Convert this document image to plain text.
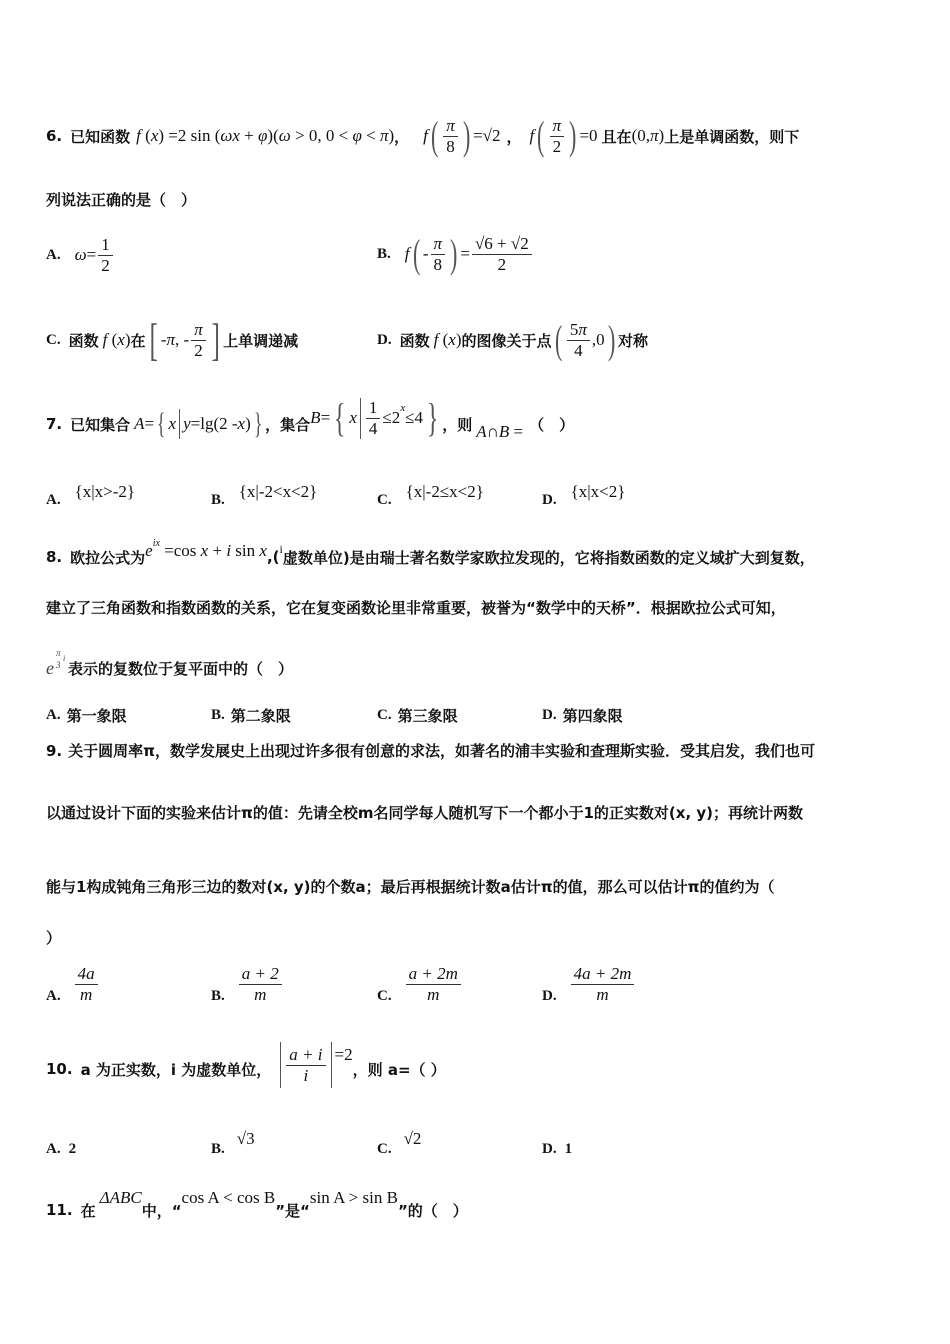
6. 已知函数 f (x) =2 sin (ωx + φ)(ω > 0, 0 < φ < π) ， f ( $\frac{\pi}{8}$ ) =√2 ， f ( $\frac{\pi}{2}$ ) =0 且在 (0,π) 上是单调函数，则下
列说法正确的是（　）
A. $\omega = \frac{1}{2}$	B. f ( - $\frac{\pi}{8}$ ) = $\frac{√6 + √2}{2}$
C. 函数 f (x) 在 [ - π , - $\frac{\pi}{2}$ ] 上单调递减	D. 函数 f (x) 的图像关于点 ( $\frac{5\pi}{4} ,0$ ) 对称
7. 已知集合 A = { x y =lg(2 - x ) } ，集合 B = { x $\frac{1}{4} \le 2$ x ≤4 } ，则 A∩B = （　）
A. {x|x>-2}	B. {x|-2<x<2}	C. {x|-2≤x<2}	D. {x|x<2}
8. 欧拉公式为 $e^{ix} =\cos$ x + i sin x ,( i 虚数单位)是由瑞士著名数学家欧拉发现的，它将指数函数的定义域扩大到复数，
建立了三角函数和指数函数的关系，它在复变函数论里非常重要，被誉为“数学中的天桥”．根据欧拉公式可知，
e
π
3
i
表示的复数位于复平面中的（　）
A. 第一象限	B. 第二象限	C. 第三象限	D. 第四象限
9. 关于圆周率π，数学发展史上出现过许多很有创意的求法，如著名的浦丰实验和查理斯实验．受其启发，我们也可
以通过设计下面的实验来估计π的值：先请全校m名同学每人随机写下一个都小于1的正实数对(x, y)；再统计两数
能与1构成钝角三角形三边的数对(x, y)的个数a；最后再根据统计数a估计π的值，那么可以估计π的值约为（
）
A. $\frac{4a}{m}$	B. $\frac{a + 2}{m}$	C. $\frac{a + 2m}{m}$	D. $\frac{4a + 2m}{m}$
10. a 为正实数，i 为虚数单位， $\frac{a + i}{i} =2$
，则 a=（ ）
A. 2	B.
√3
C.
√2
D. 1
11. 在
ΔABC
中，“
cos A < cos B
”是“
sin A > sin B
”的（　）
